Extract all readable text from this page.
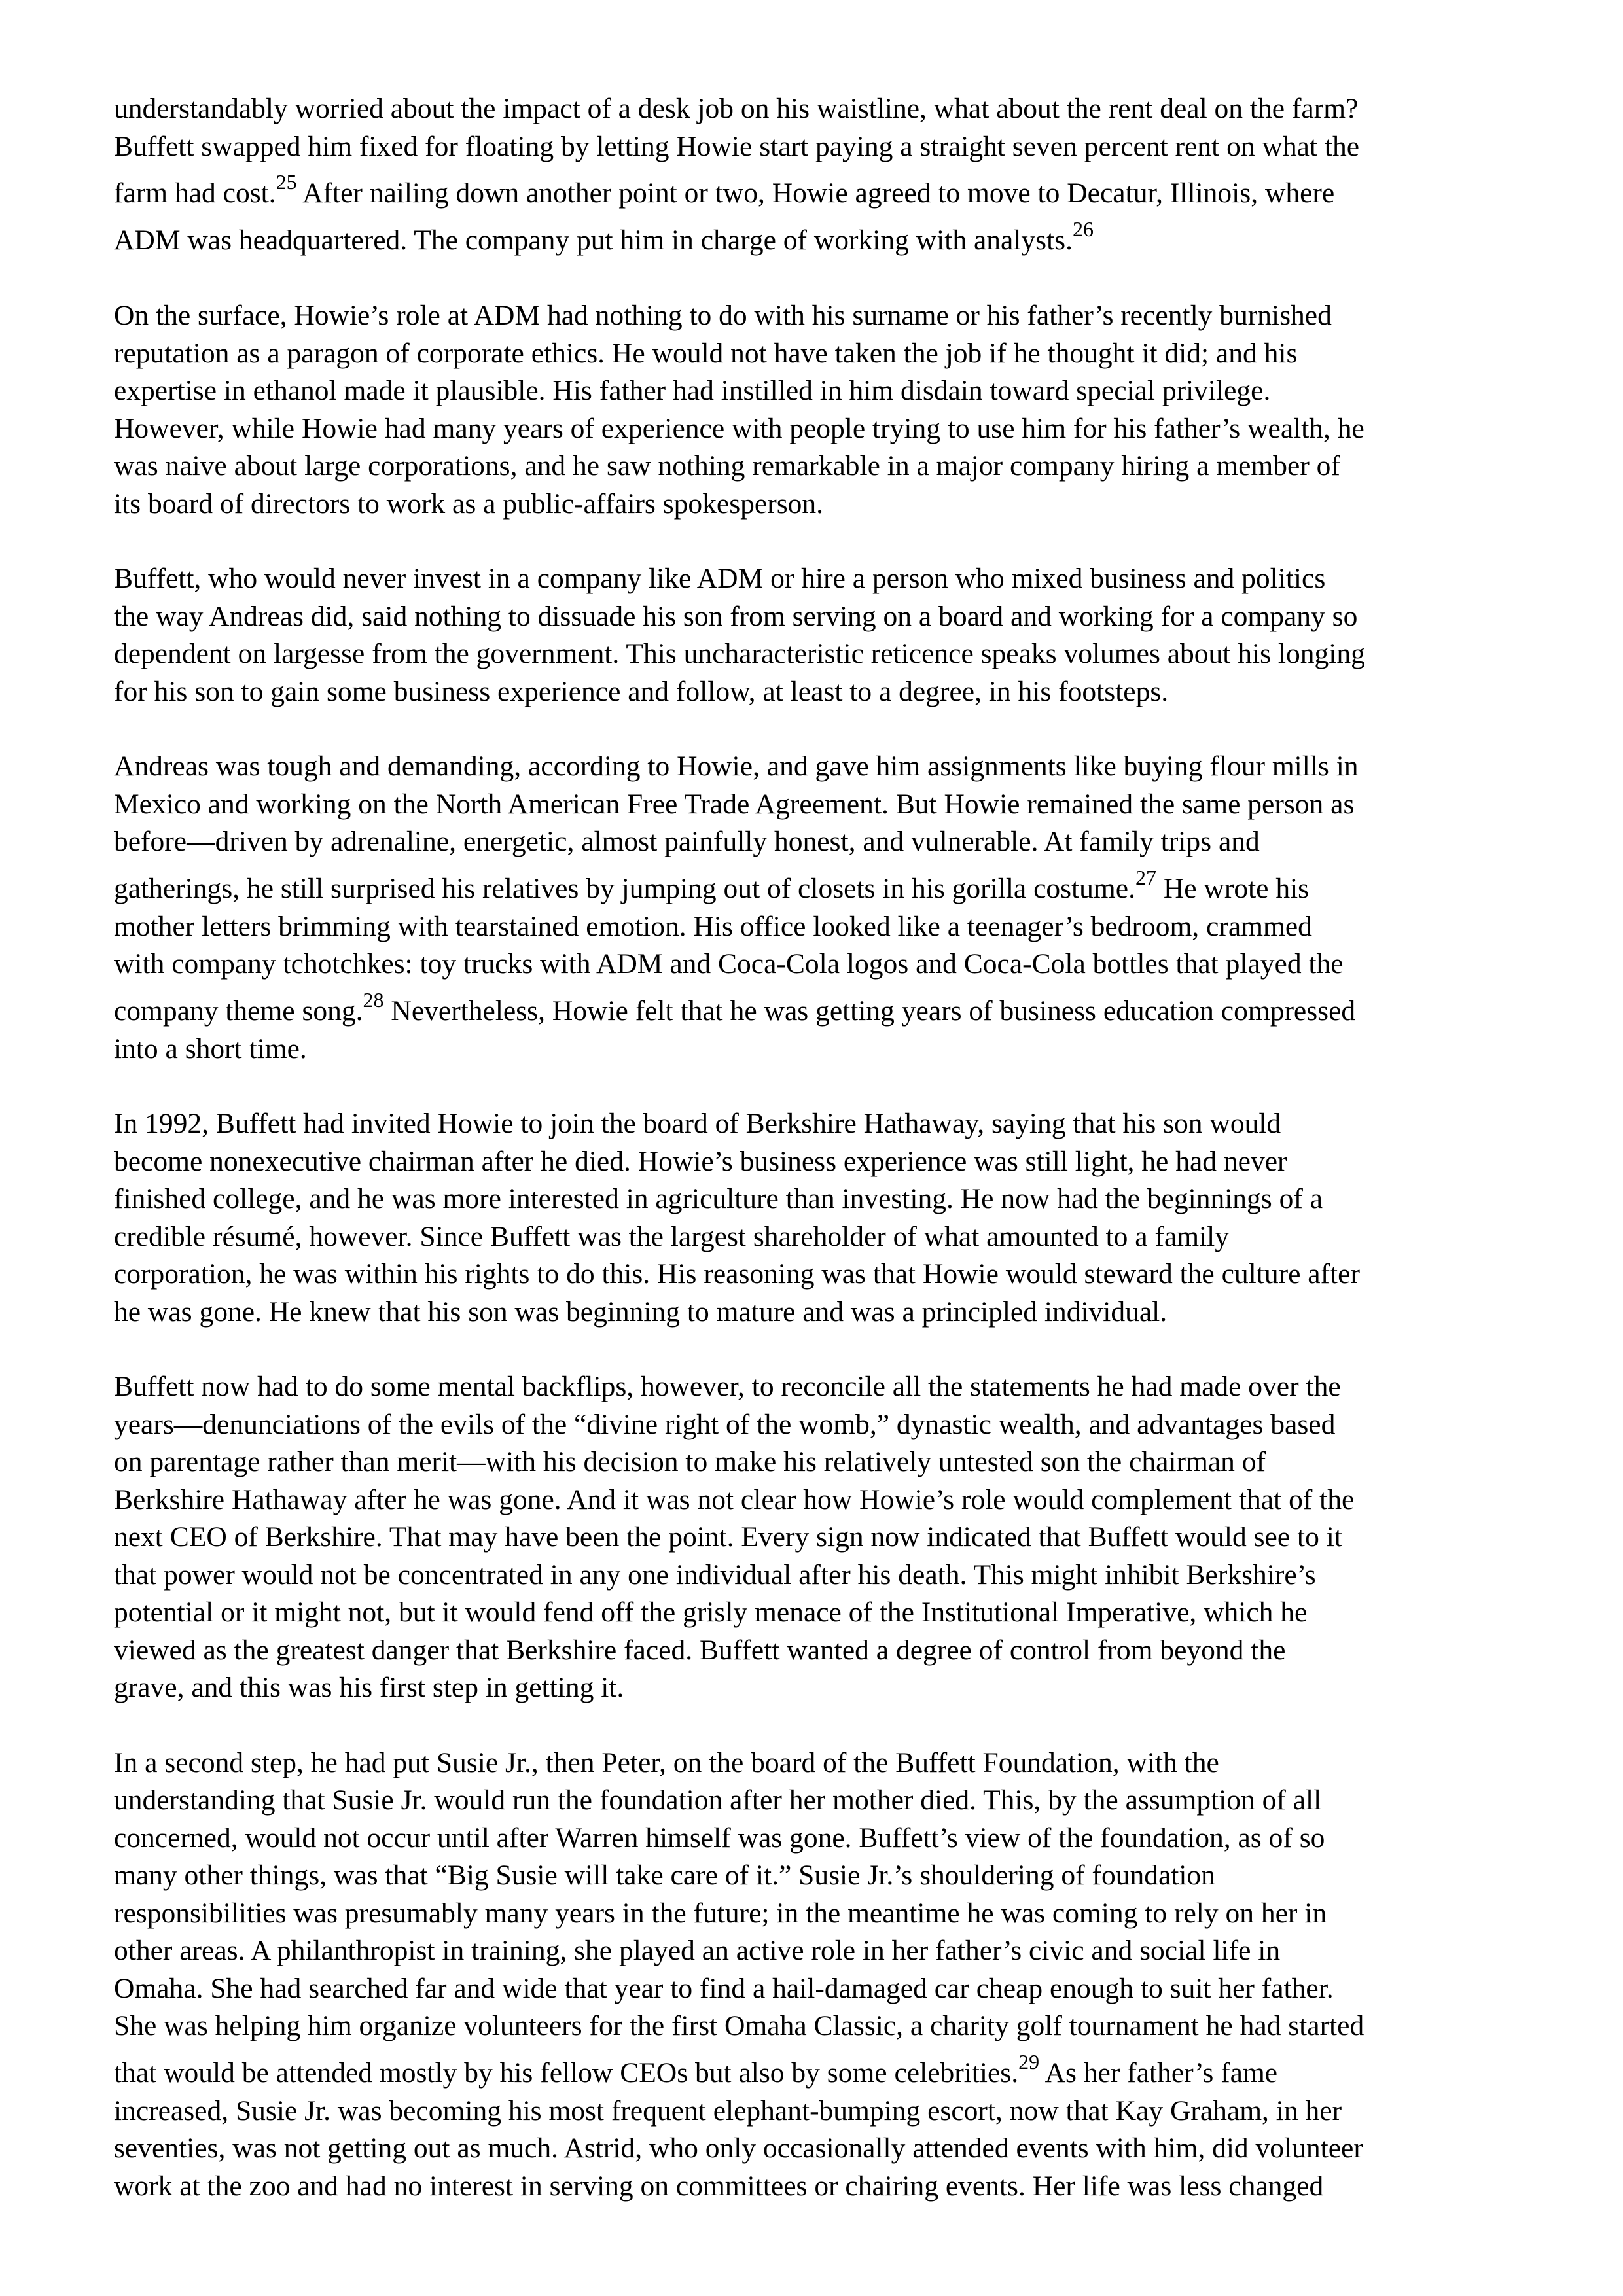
understandably worried about the impact of a desk job on his waistline, what about the rent deal on the farm?
Buffett swapped him fixed for floating by letting Howie start paying a straight seven percent rent on what the
farm had cost.$^{25}$ After nailing down another point or two, Howie agreed to move to Decatur, Illinois, where
ADM was headquartered. The company put him in charge of working with analysts.$^{26}$

On the surface, Howie’s role at ADM had nothing to do with his surname or his father’s recently burnished
reputation as a paragon of corporate ethics. He would not have taken the job if he thought it did; and his
expertise in ethanol made it plausible. His father had instilled in him disdain toward special privilege.
However, while Howie had many years of experience with people trying to use him for his father’s wealth, he
was naive about large corporations, and he saw nothing remarkable in a major company hiring a member of
its board of directors to work as a public-affairs spokesperson.

Buffett, who would never invest in a company like ADM or hire a person who mixed business and politics
the way Andreas did, said nothing to dissuade his son from serving on a board and working for a company so
dependent on largesse from the government. This uncharacteristic reticence speaks volumes about his longing
for his son to gain some business experience and follow, at least to a degree, in his footsteps.

Andreas was tough and demanding, according to Howie, and gave him assignments like buying flour mills in
Mexico and working on the North American Free Trade Agreement. But Howie remained the same person as
before—driven by adrenaline, energetic, almost painfully honest, and vulnerable. At family trips and
gatherings, he still surprised his relatives by jumping out of closets in his gorilla costume.$^{27}$ He wrote his
mother letters brimming with tearstained emotion. His office looked like a teenager’s bedroom, crammed
with company tchotchkes: toy trucks with ADM and Coca-Cola logos and Coca-Cola bottles that played the
company theme song.$^{28}$ Nevertheless, Howie felt that he was getting years of business education compressed
into a short time.

In 1992, Buffett had invited Howie to join the board of Berkshire Hathaway, saying that his son would
become nonexecutive chairman after he died. Howie’s business experience was still light, he had never
finished college, and he was more interested in agriculture than investing. He now had the beginnings of a
credible résumé, however. Since Buffett was the largest shareholder of what amounted to a family
corporation, he was within his rights to do this. His reasoning was that Howie would steward the culture after
he was gone. He knew that his son was beginning to mature and was a principled individual.

Buffett now had to do some mental backflips, however, to reconcile all the statements he had made over the
years—denunciations of the evils of the “divine right of the womb,” dynastic wealth, and advantages based
on parentage rather than merit—with his decision to make his relatively untested son the chairman of
Berkshire Hathaway after he was gone. And it was not clear how Howie’s role would complement that of the
next CEO of Berkshire. That may have been the point. Every sign now indicated that Buffett would see to it
that power would not be concentrated in any one individual after his death. This might inhibit Berkshire’s
potential or it might not, but it would fend off the grisly menace of the Institutional Imperative, which he
viewed as the greatest danger that Berkshire faced. Buffett wanted a degree of control from beyond the
grave, and this was his first step in getting it.

In a second step, he had put Susie Jr., then Peter, on the board of the Buffett Foundation, with the
understanding that Susie Jr. would run the foundation after her mother died. This, by the assumption of all
concerned, would not occur until after Warren himself was gone. Buffett’s view of the foundation, as of so
many other things, was that “Big Susie will take care of it.” Susie Jr.’s shouldering of foundation
responsibilities was presumably many years in the future; in the meantime he was coming to rely on her in
other areas. A philanthropist in training, she played an active role in her father’s civic and social life in
Omaha. She had searched far and wide that year to find a hail-damaged car cheap enough to suit her father.
She was helping him organize volunteers for the first Omaha Classic, a charity golf tournament he had started
that would be attended mostly by his fellow CEOs but also by some celebrities.$^{29}$ As her father’s fame
increased, Susie Jr. was becoming his most frequent elephant-bumping escort, now that Kay Graham, in her
seventies, was not getting out as much. Astrid, who only occasionally attended events with him, did volunteer
work at the zoo and had no interest in serving on committees or chairing events. Her life was less changed
